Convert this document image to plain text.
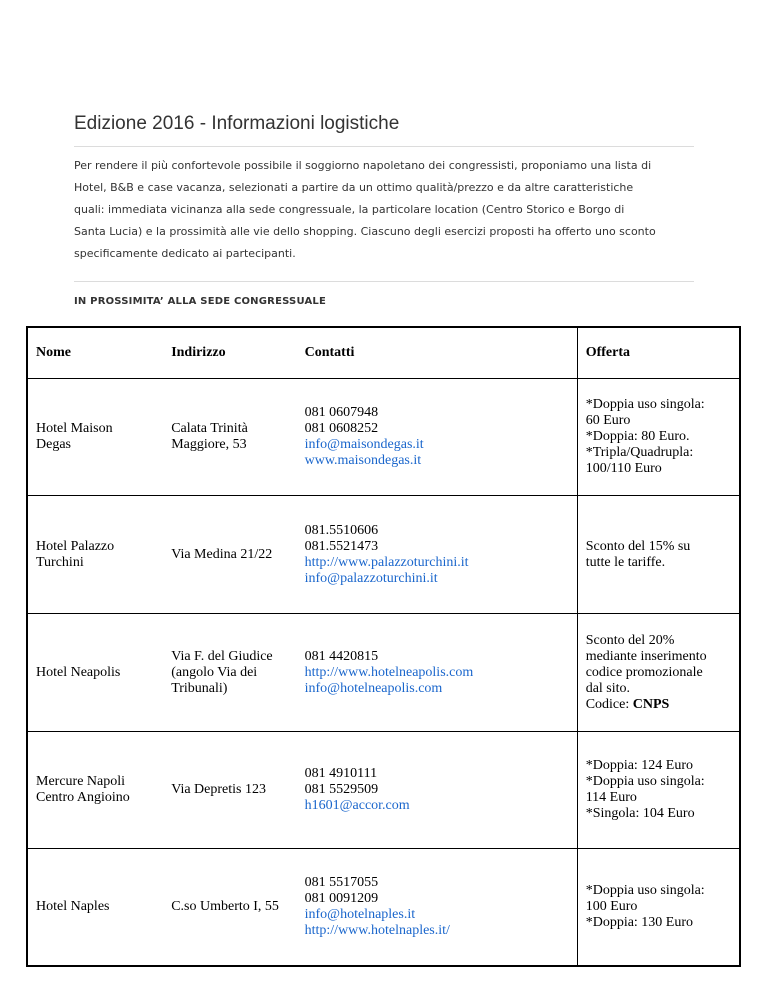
Edizione 2016 - Informazioni logistiche
Per rendere il più confortevole possibile il soggiorno napoletano dei congressisti, proponiamo una lista di
Hotel, B&B e case vacanza, selezionati a partire da un ottimo qualità/prezzo e da altre caratteristiche
quali: immediata vicinanza alla sede congressuale, la particolare location (Centro Storico e Borgo di
Santa Lucia) e la prossimità alle vie dello shopping. Ciascuno degli esercizi proposti ha offerto uno sconto
specificamente dedicato ai partecipanti.
IN PROSSIMITA’ ALLA SEDE CONGRESSUALE
Nome	Indirizzo	Contatti	Offerta

Hotel Maison
Degas	Calata Trinità
Maggiore, 53	081 0607948
081 0608252
info@maisondegas.it
www.maisondegas.it	*Doppia uso singola:
60 Euro
*Doppia: 80 Euro.
*Tripla/Quadrupla:
100/110 Euro

Hotel Palazzo
Turchini	Via Medina 21/22	081.5510606
081.5521473
http://www.palazzoturchini.it
info@palazzoturchini.it	Sconto del 15% su
tutte le tariffe.

Hotel Neapolis	Via F. del Giudice
(angolo Via dei
Tribunali)	081 4420815
http://www.hotelneapolis.com
info@hotelneapolis.com	Sconto del 20%
mediante inserimento
codice promozionale
dal sito.
Codice: CNPS

Mercure Napoli
Centro Angioino	Via Depretis 123	081 4910111
081 5529509
h1601@accor.com	*Doppia: 124 Euro
*Doppia uso singola:
114 Euro
*Singola: 104 Euro

Hotel Naples	C.so Umberto I, 55	081 5517055
081 0091209
info@hotelnaples.it
http://www.hotelnaples.it/	*Doppia uso singola:
100 Euro
*Doppia: 130 Euro
